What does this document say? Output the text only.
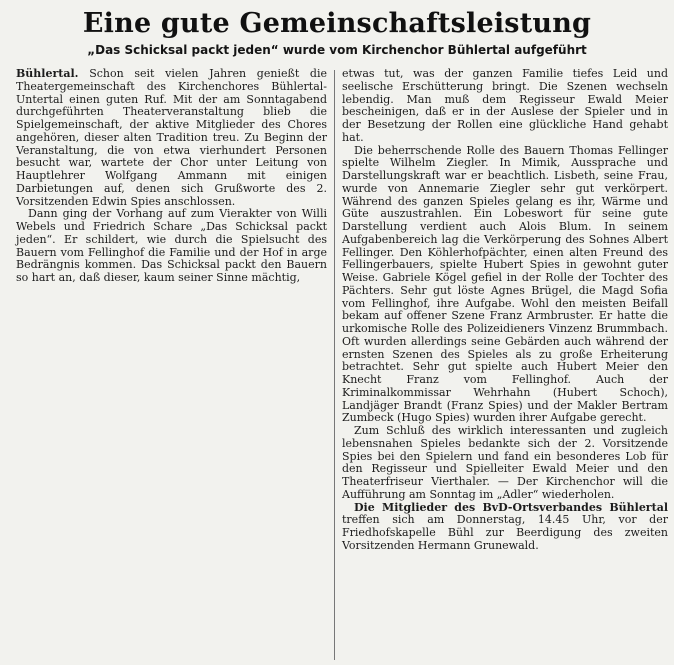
Eine gute Gemeinschaftsleistung
„Das Schicksal packt jeden“ wurde vom Kirchenchor Bühlertal aufgeführt

Bühlertal. Schon seit vielen Jahren genießt die Theatergemeinschaft des Kirchenchores Bühlertal-Untertal einen guten Ruf. Mit der am Sonntagabend durchgeführten Theaterveranstaltung blieb die Spielgemeinschaft, der aktive Mitglieder des Chores angehören, dieser alten Tradition treu. Zu Beginn der Veranstaltung, die von etwa vierhundert Personen besucht war, wartete der Chor unter Leitung von Hauptlehrer Wolfgang Ammann mit einigen Darbietungen auf, denen sich Grußworte des 2. Vorsitzenden Edwin Spies anschlossen.

Dann ging der Vorhang auf zum Vierakter von Willi Webels und Friedrich Schare „Das Schicksal packt jeden“. Er schildert, wie durch die Spielsucht des Bauern vom Fellinghof die Familie und der Hof in arge Bedrängnis kommen. Das Schicksal packt den Bauern so hart an, daß dieser, kaum seiner Sinne mächtig,

etwas tut, was der ganzen Familie tiefes Leid und seelische Erschütterung bringt. Die Szenen wechseln lebendig. Man muß dem Regisseur Ewald Meier bescheinigen, daß er in der Auslese der Spieler und in der Besetzung der Rollen eine glückliche Hand gehabt hat.

Die beherrschende Rolle des Bauern Thomas Fellinger spielte Wilhelm Ziegler. In Mimik, Aussprache und Darstellungskraft war er beachtlich. Lisbeth, seine Frau, wurde von Annemarie Ziegler sehr gut verkörpert. Während des ganzen Spieles gelang es ihr, Wärme und Güte auszustrahlen. Ein Lobeswort für seine gute Darstellung verdient auch Alois Blum. In seinem Aufgabenbereich lag die Verkörperung des Sohnes Albert Fellinger. Den Köhlerhofpächter, einen alten Freund des Fellingerbauers, spielte Hubert Spies in gewohnt guter Weise. Gabriele Kögel gefiel in der Rolle der Tochter des Pächters. Sehr gut löste Agnes Brügel, die Magd Sofia vom Fellinghof, ihre Aufgabe. Wohl den meisten Beifall bekam auf offener Szene Franz Armbruster. Er hatte die urkomische Rolle des Polizeidieners Vinzenz Brummbach. Oft wurden allerdings seine Gebärden auch während der ernsten Szenen des Spieles als zu große Erheiterung betrachtet. Sehr gut spielte auch Hubert Meier den Knecht Franz vom Fellinghof. Auch der Kriminalkommissar Wehrhahn (Hubert Schoch), Landjäger Brandt (Franz Spies) und der Makler Bertram Zumbeck (Hugo Spies) wurden ihrer Aufgabe gerecht.

Zum Schluß des wirklich interessanten und zugleich lebensnahen Spieles bedankte sich der 2. Vorsitzende Spies bei den Spielern und fand ein besonderes Lob für den Regisseur und Spielleiter Ewald Meier und den Theaterfriseur Vierthaler. — Der Kirchenchor will die Aufführung am Sonntag im „Adler“ wiederholen.

Die Mitglieder des BvD-Ortsverbandes Bühlertal treffen sich am Donnerstag, 14.45 Uhr, vor der Friedhofskapelle Bühl zur Beerdigung des zweiten Vorsitzenden Hermann Grunewald.
